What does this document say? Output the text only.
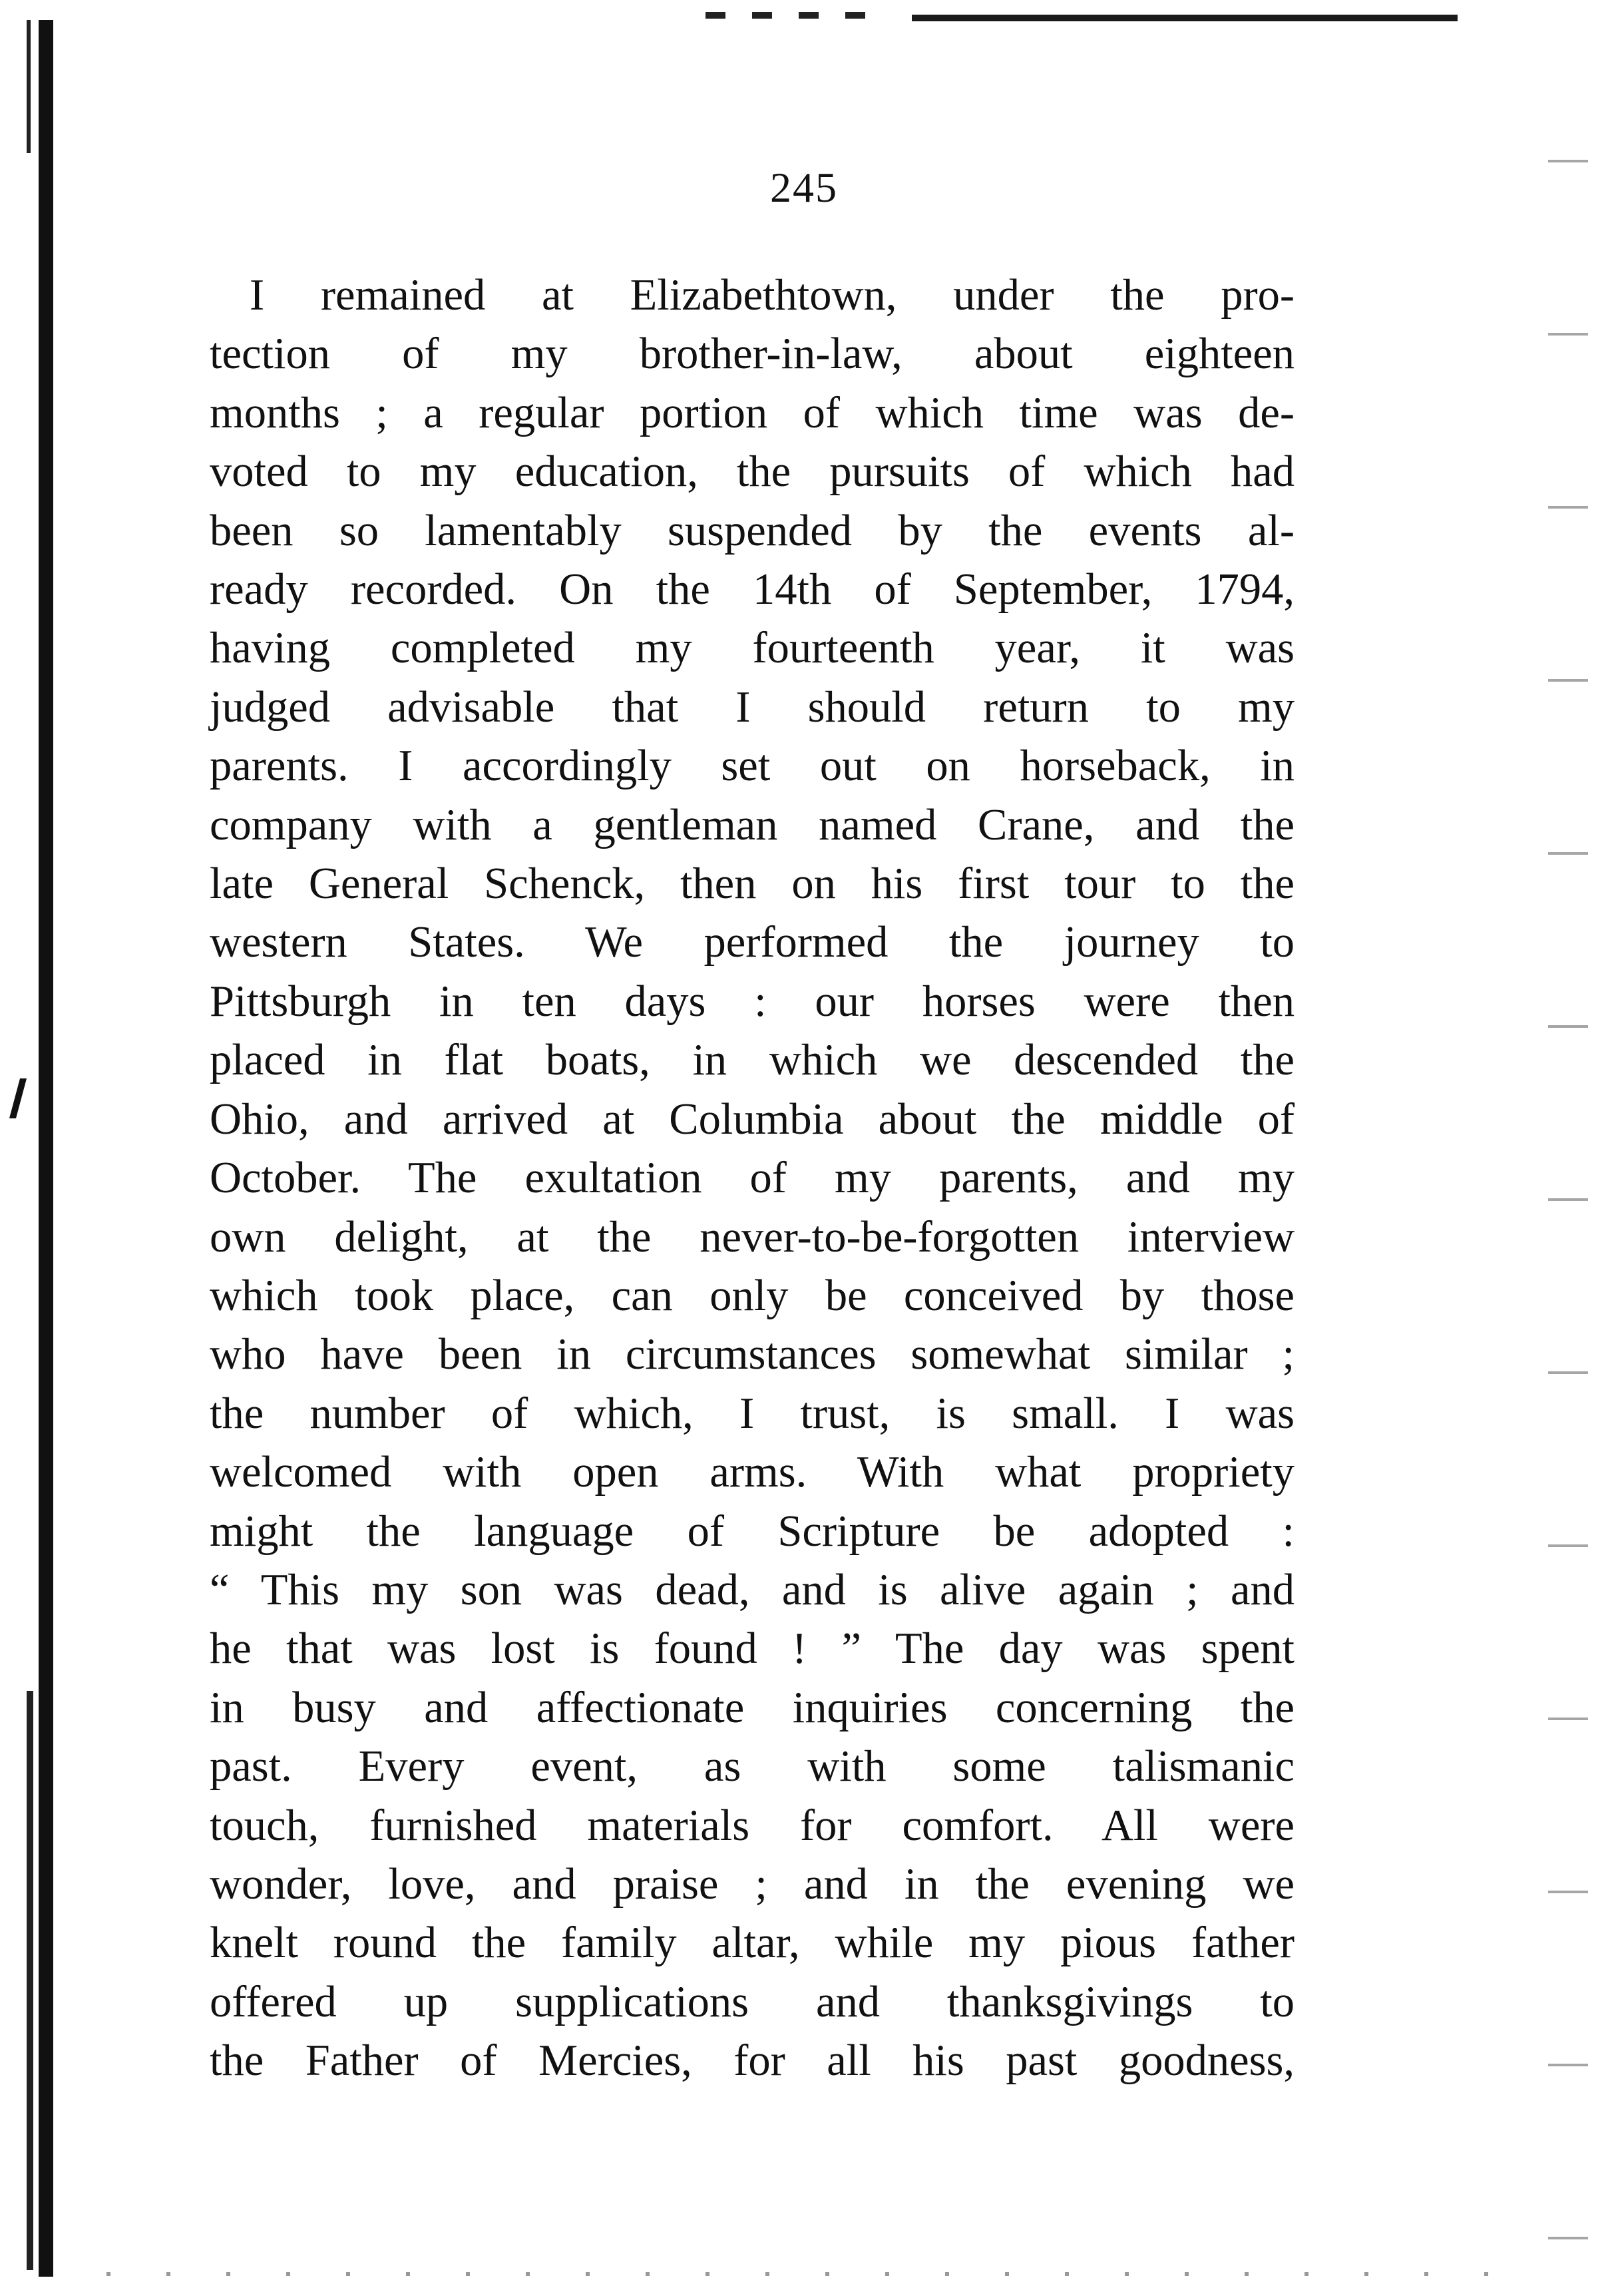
245
I remained at Elizabethtown, under the pro-
tection of my brother-in-law, about eighteen
months ; a regular portion of which time was de-
voted to my education, the pursuits of which had
been so lamentably suspended by the events al-
ready recorded. On the 14th of September, 1794,
having completed my fourteenth year, it was
judged advisable that I should return to my
parents. I accordingly set out on horseback, in
company with a gentleman named Crane, and the
late General Schenck, then on his first tour to the
western States. We performed the journey to
Pittsburgh in ten days : our horses were then
placed in flat boats, in which we descended the
Ohio, and arrived at Columbia about the middle of
October. The exultation of my parents, and my
own delight, at the never-to-be-forgotten interview
which took place, can only be conceived by those
who have been in circumstances somewhat similar ;
the number of which, I trust, is small. I was
welcomed with open arms. With what propriety
might the language of Scripture be adopted :
“ This my son was dead, and is alive again ; and
he that was lost is found ! ” The day was spent
in busy and affectionate inquiries concerning the
past. Every event, as with some talismanic
touch, furnished materials for comfort. All were
wonder, love, and praise ; and in the evening we
knelt round the family altar, while my pious father
offered up supplications and thanksgivings to
the Father of Mercies, for all his past goodness,
